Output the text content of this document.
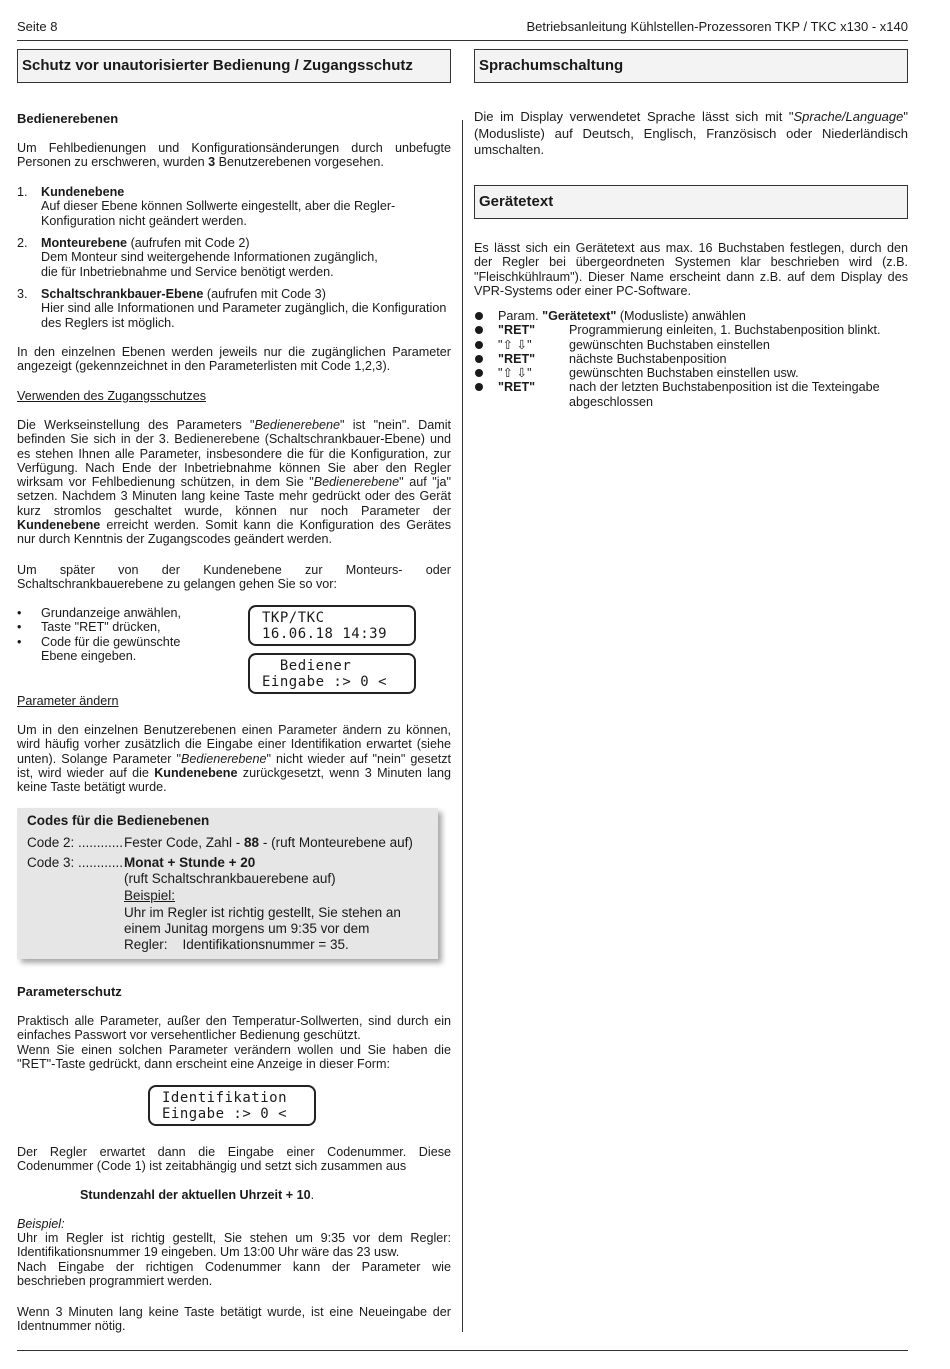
Seite 8	Betriebsanleitung Kühlstellen-Prozessoren TKP / TKC x130 - x140
Schutz vor unautorisierter Bedienung / Zugangsschutz
Bedienerebenen
Um Fehlbedienungen und Konfigurationsänderungen durch unbefugte Personen zu erschweren, wurden 3 Benutzerebenen vorgesehen.
1. Kundenebene
Auf dieser Ebene können Sollwerte eingestellt, aber die Regler-Konfiguration nicht geändert werden.
2. Monteurebene (aufrufen mit Code 2)
Dem Monteur sind weitergehende Informationen zugänglich, die für Inbetriebnahme und Service benötigt werden.
3. Schaltschrankbauer-Ebene (aufrufen mit Code 3)
Hier sind alle Informationen und Parameter zugänglich, die Konfiguration des Reglers ist möglich.
In den einzelnen Ebenen werden jeweils nur die zugänglichen Parameter angezeigt (gekennzeichnet in den Parameterlisten mit Code 1,2,3).
Verwenden des Zugangsschutzes
Die Werkseinstellung des Parameters "Bedienerebene" ist "nein". Damit befinden Sie sich in der 3. Bedienerebene (Schaltschrankbauer-Ebene) und es stehen Ihnen alle Parameter, insbesondere die für die Konfiguration, zur Verfügung. Nach Ende der Inbetriebnahme können Sie aber den Regler wirksam vor Fehlbedienung schützen, in dem Sie "Bedienerebene" auf "ja" setzen. Nachdem 3 Minuten lang keine Taste mehr gedrückt oder des Gerät kurz stromlos geschaltet wurde, können nur noch Parameter der Kundenebene erreicht werden. Somit kann die Konfiguration des Gerätes nur durch Kenntnis der Zugangscodes geändert werden.
Um später von der Kundenebene zur Monteurs- oder Schaltschrankbauerebene zu gelangen gehen Sie so vor:
• Grundanzeige anwählen,
• Taste "RET" drücken,
• Code für die gewünschte
Ebene eingeben.
TKP/TKC
16.06.18 14:39
Bediener
Eingabe :> 0 <
Parameter ändern
Um in den einzelnen Benutzerebenen einen Parameter ändern zu können, wird häufig vorher zusätzlich die Eingabe einer Identifikation erwartet (siehe unten). Solange Parameter "Bedienerebene" nicht wieder auf "nein" gesetzt ist, wird wieder auf die Kundenebene zurückgesetzt, wenn 3 Minuten lang keine Taste betätigt wurde.
Codes für die Bedienebenen
Code 2: ............ Fester Code, Zahl - 88 - (ruft Monteurebene auf)
Code 3: ............ Monat + Stunde + 20
(ruft Schaltschrankbauerebene auf)
Beispiel:
Uhr im Regler ist richtig gestellt, Sie stehen an
einem Junitag morgens um 9:35 vor dem
Regler:    Identifikationsnummer = 35.
Parameterschutz

Praktisch alle Parameter, außer den Temperatur-Sollwerten, sind durch ein einfaches Passwort vor versehentlicher Bedienung geschützt.

Wenn Sie einen solchen Parameter verändern wollen und Sie haben die "RET"-Taste gedrückt, dann erscheint eine Anzeige in dieser Form:

Identifikation
Eingabe :> 0 <
Der Regler erwartet dann die Eingabe einer Codenummer. Diese Codenummer (Code 1) ist zeitabhängig und setzt sich zusammen aus
Stundenzahl der aktuellen Uhrzeit + 10.
Beispiel:

Uhr im Regler ist richtig gestellt, Sie stehen um 9:35 vor dem Regler: Identifikationsnummer 19 eingeben. Um 13:00 Uhr wäre das 23 usw.

Nach Eingabe der richtigen Codenummer kann der Parameter wie beschrieben programmiert werden.

Wenn 3 Minuten lang keine Taste betätigt wurde, ist eine Neueingabe der Identnummer nötig.
Sprachumschaltung
Die im Display verwendetet Sprache lässt sich mit "Sprache/Language" (Modusliste) auf Deutsch, Englisch, Französisch oder Niederländisch umschalten.
Gerätetext
Es lässt sich ein Gerätetext aus max. 16 Buchstaben festlegen, durch den der Regler bei übergeordneten Systemen klar beschrieben wird (z.B. "Fleischkühlraum"). Dieser Name erscheint dann z.B. auf dem Display des VPR-Systems oder einer PC-Software.
Param. "Gerätetext" (Modusliste) anwählen
"RET"	Programmierung einleiten, 1. Buchstabenposition blinkt.
"⇧ ⇩"	gewünschten Buchstaben einstellen
"RET"	nächste Buchstabenposition
"⇧ ⇩"	gewünschten Buchstaben einstellen usw.
"RET"	nach der letzten Buchstabenposition ist die Texteingabe
abgeschlossen
